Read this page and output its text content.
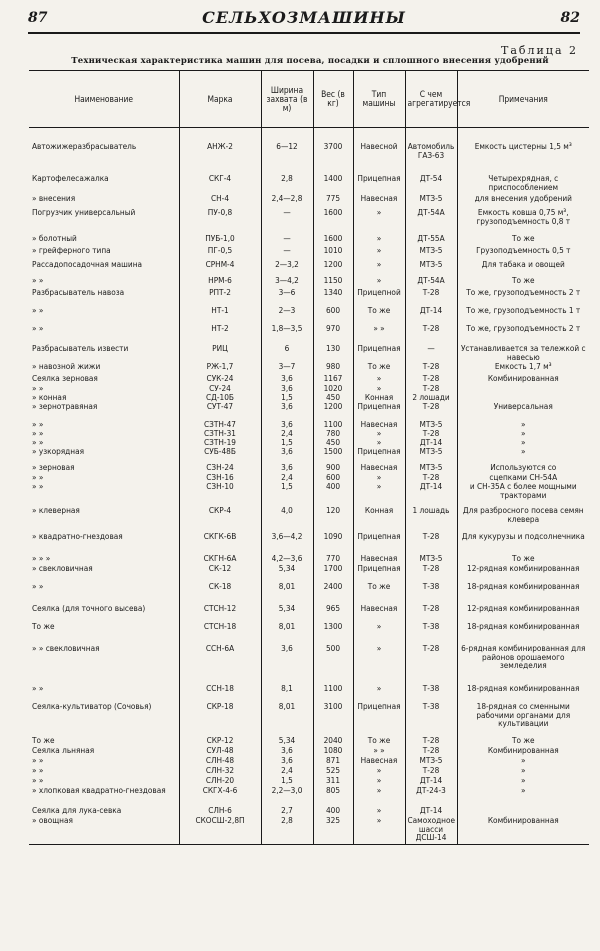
87	СЕЛЬХОЗМАШИНЫ	82
Таблица 2
Техническая характеристика машин для посева, посадки и сплошного внесения удобрений
Наименование	Марка	Ширина захвата (в м)	Вес (в кг)	Тип машины	С чем агрегатируется	Примечания

Автожижеразбрасыватель	АНЖ-2	6—12	3700	Навесной	Автомобиль ГАЗ-63	Емкость цистерны 1,5 м³
Картофелесажалка	СКГ-4	2,8	1400	Прицепная	ДТ-54	Четырехрядная, с приспособлением
» внесения	СН-4	2,4—2,8	775	Навесная	МТЗ-5	для внесения удобрений
Погрузчик универсальный	ПУ-0,8	—	1600	»	ДТ-54А	Емкость ковша 0,75 м³, грузоподъемность 0,8 т
» болотный	ПУБ-1,0	—	1600	»	ДТ-55А	То же
» грейферного типа	ПГ-0,5	—	1010	»	МТЗ-5	Грузоподъемность 0,5 т
Рассадопосадочная машина	СРНМ-4	2—3,2	1200	»	МТЗ-5	Для табака и овощей
» »	НРМ-6	3—4,2	1150	»	ДТ-54А	То же
Разбрасыватель навоза	РПТ-2	3—6	1340	Прицепной	Т-28	То же, грузоподъемность 2 т
» »	НТ-1	2—3	600	То же	ДТ-14	То же, грузоподъемность 1 т
» »	НТ-2	1,8—3,5	970	» »	Т-28	То же, грузоподъемность 2 т
Разбрасыватель извести	РИЦ	6	130	Прицепная	—	Устанавливается за тележкой с навесью
» навозной жижи	РЖ-1,7	3—7	980	То же	Т-28	Емкость 1,7 м³
Сеялка зерновая	СУК-24	3,6	1167	»	Т-28	Комбинированная
» »	СУ-24	3,6	1020	»	Т-28	
» конная	СД-10Б	1,5	450	Конная	2 лошади	
» зернотравяная	СУТ-47	3,6	1200	Прицепная	Т-28	Универсальная
» »	СЗТН-47	3,6	1100	Навесная	МТЗ-5	»
» »	СЗТН-31	2,4	780	»	Т-28	»
» »	СЗТН-19	1,5	450	»	ДТ-14	»
» узкорядная	СУБ-48Б	3,6	1500	Прицепная	МТЗ-5	»
» зерновая	СЗН-24	3,6	900	Навесная	МТЗ-5	Используются со
» »	СЗН-16	2,4	600	»	Т-28	сцепками СН-54А
» »	СЗН-10	1,5	400	»	ДТ-14	и СН-35А с более мощными тракторами
» клеверная	СКР-4	4,0	120	Конная	1 лошадь	Для разбросного посева семян клевера
» квадратно-гнездовая	СКГК-6В	3,6—4,2	1090	Прицепная	Т-28	Для кукурузы и подсолнечника
» » »	СКГН-6А	4,2—3,6	770	Навесная	МТЗ-5	То же
» свекловичная	СК-12	5,34	1700	Прицепная	Т-28	12-рядная комбинированная
» »	СК-18	8,01	2400	То же	Т-38	18-рядная комбинированная
Сеялка (для точного высева)	СТСН-12	5,34	965	Навесная	Т-28	12-рядная комбинированная
То же	СТСН-18	8,01	1300	»	Т-38	18-рядная комбинированная
» » свекловичная	ССН-6А	3,6	500	»	Т-28	6-рядная комбинированная для районов орошаемого земледелия
» »	ССН-18	8,1	1100	»	Т-38	18-рядная комбинированная
Сеялка-культиватор (Сочовья)	СКР-18	8,01	3100	Прицепная	Т-38	18-рядная со сменными рабочими органами для культивации
То же	СКР-12	5,34	2040	То же	Т-28	То же
Сеялка льняная	СУЛ-48	3,6	1080	» »	Т-28	Комбинированная
» »	СЛН-48	3,6	871	Навесная	МТЗ-5	»
» »	СЛН-32	2,4	525	»	Т-28	»
» »	СЛН-20	1,5	311	»	ДТ-14	»
» хлопковая квадратно-гнездовая	СКГХ-4-6	2,2—3,0	805	»	ДТ-24-3	»
Сеялка для лука-севка	СЛН-6	2,7	400	»	ДТ-14	
» овощная	СКОСШ-2,8П	2,8	325	»	Самоходное шасси ДСШ-14	Комбинированная
